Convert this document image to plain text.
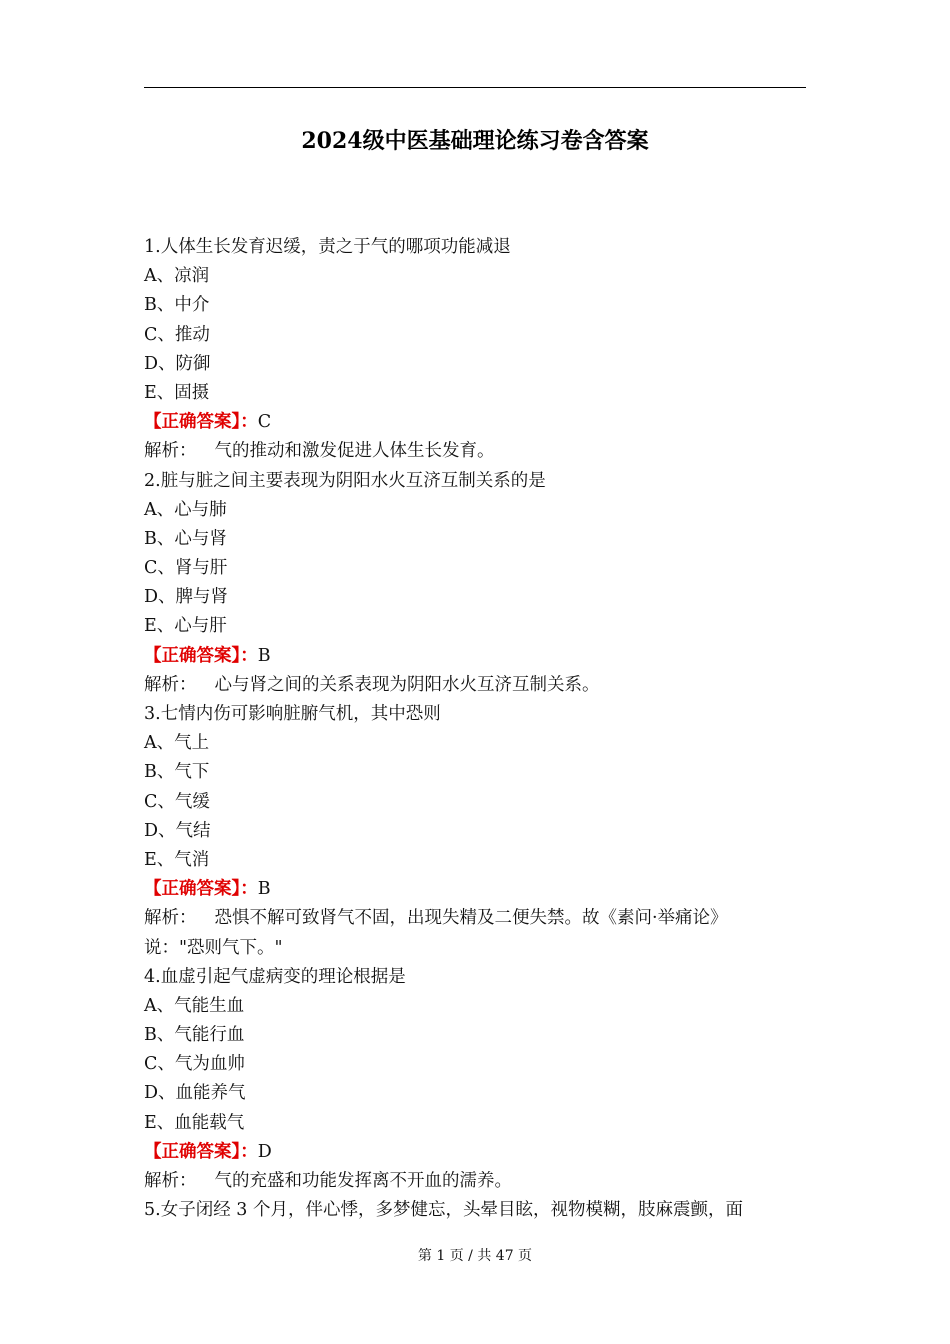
2024级中医基础理论练习卷含答案
1.人体生长发育迟缓，责之于气的哪项功能减退
A、凉润
B、中介
C、推动
D、防御
E、固摄
【正确答案】：C
解析： 气的推动和激发促进人体生长发育。
2.脏与脏之间主要表现为阴阳水火互济互制关系的是
A、心与肺
B、心与肾
C、肾与肝
D、脾与肾
E、心与肝
【正确答案】：B
解析： 心与肾之间的关系表现为阴阳水火互济互制关系。
3.七情内伤可影响脏腑气机，其中恐则
A、气上
B、气下
C、气缓
D、气结
E、气消
【正确答案】：B
解析： 恐惧不解可致肾气不固，出现失精及二便失禁。故《素问·举痛论》
说："恐则气下。"
4.血虚引起气虚病变的理论根据是
A、气能生血
B、气能行血
C、气为血帅
D、血能养气
E、血能载气
【正确答案】：D
解析： 气的充盛和功能发挥离不开血的濡养。
5.女子闭经 3 个月，伴心悸，多梦健忘，头晕目眩，视物模糊，肢麻震颤，面
第 1 页 / 共 47 页
